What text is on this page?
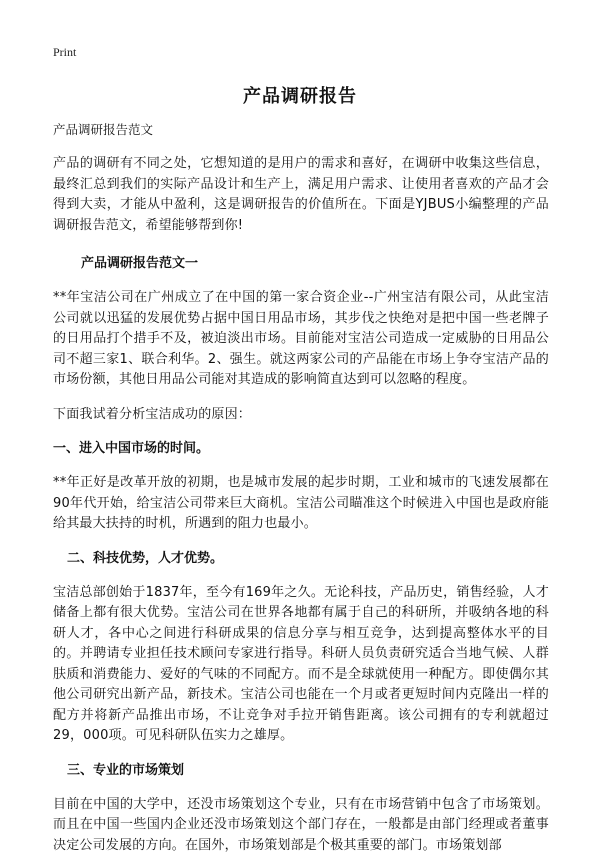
Print
产品调研报告
产品调研报告范文

产品的调研有不同之处，它想知道的是用户的需求和喜好，在调研中收集这些信息，最终汇总到我们的实际产品设计和生产上，满足用户需求、让使用者喜欢的产品才会得到大卖，才能从中盈利，这是调研报告的价值所在。下面是YJBUS小编整理的产品调研报告范文，希望能够帮到你!

产品调研报告范文一

**年宝洁公司在广州成立了在中国的第一家合资企业--广州宝洁有限公司，从此宝洁公司就以迅猛的发展优势占据中国日用品市场，其步伐之快绝对是把中国一些老牌子的日用品打个措手不及，被迫淡出市场。目前能对宝洁公司造成一定威胁的日用品公司不超三家1、联合利华。2、强生。就这两家公司的产品能在市场上争夺宝洁产品的市场份额，其他日用品公司能对其造成的影响简直达到可以忽略的程度。

下面我试着分析宝洁成功的原因：

一、进入中国市场的时间。

**年正好是改革开放的初期，也是城市发展的起步时期，工业和城市的飞速发展都在90年代开始，给宝洁公司带来巨大商机。宝洁公司瞄准这个时候进入中国也是政府能给其最大扶持的时机，所遇到的阻力也最小。

二、科技优势，人才优势。

宝洁总部创始于1837年，至今有169年之久。无论科技，产品历史，销售经验，人才储备上都有很大优势。宝洁公司在世界各地都有属于自己的科研所，并吸纳各地的科研人才，各中心之间进行科研成果的信息分享与相互竞争，达到提高整体水平的目的。并聘请专业担任技术顾问专家进行指导。科研人员负责研究适合当地气候、人群肤质和消费能力、爱好的气味的不同配方。而不是全球就使用一种配方。即使偶尔其他公司研究出新产品，新技术。宝洁公司也能在一个月或者更短时间内克隆出一样的配方并将新产品推出市场，不让竞争对手拉开销售距离。该公司拥有的专利就超过29，000项。可见科研队伍实力之雄厚。

三、专业的市场策划

目前在中国的大学中，还没市场策划这个专业，只有在市场营销中包含了市场策划。而且在中国一些国内企业还没市场策划这个部门存在，一般都是由部门经理或者董事决定公司发展的方向。在国外，市场策划部是个极其重要的部门。市场策划部
